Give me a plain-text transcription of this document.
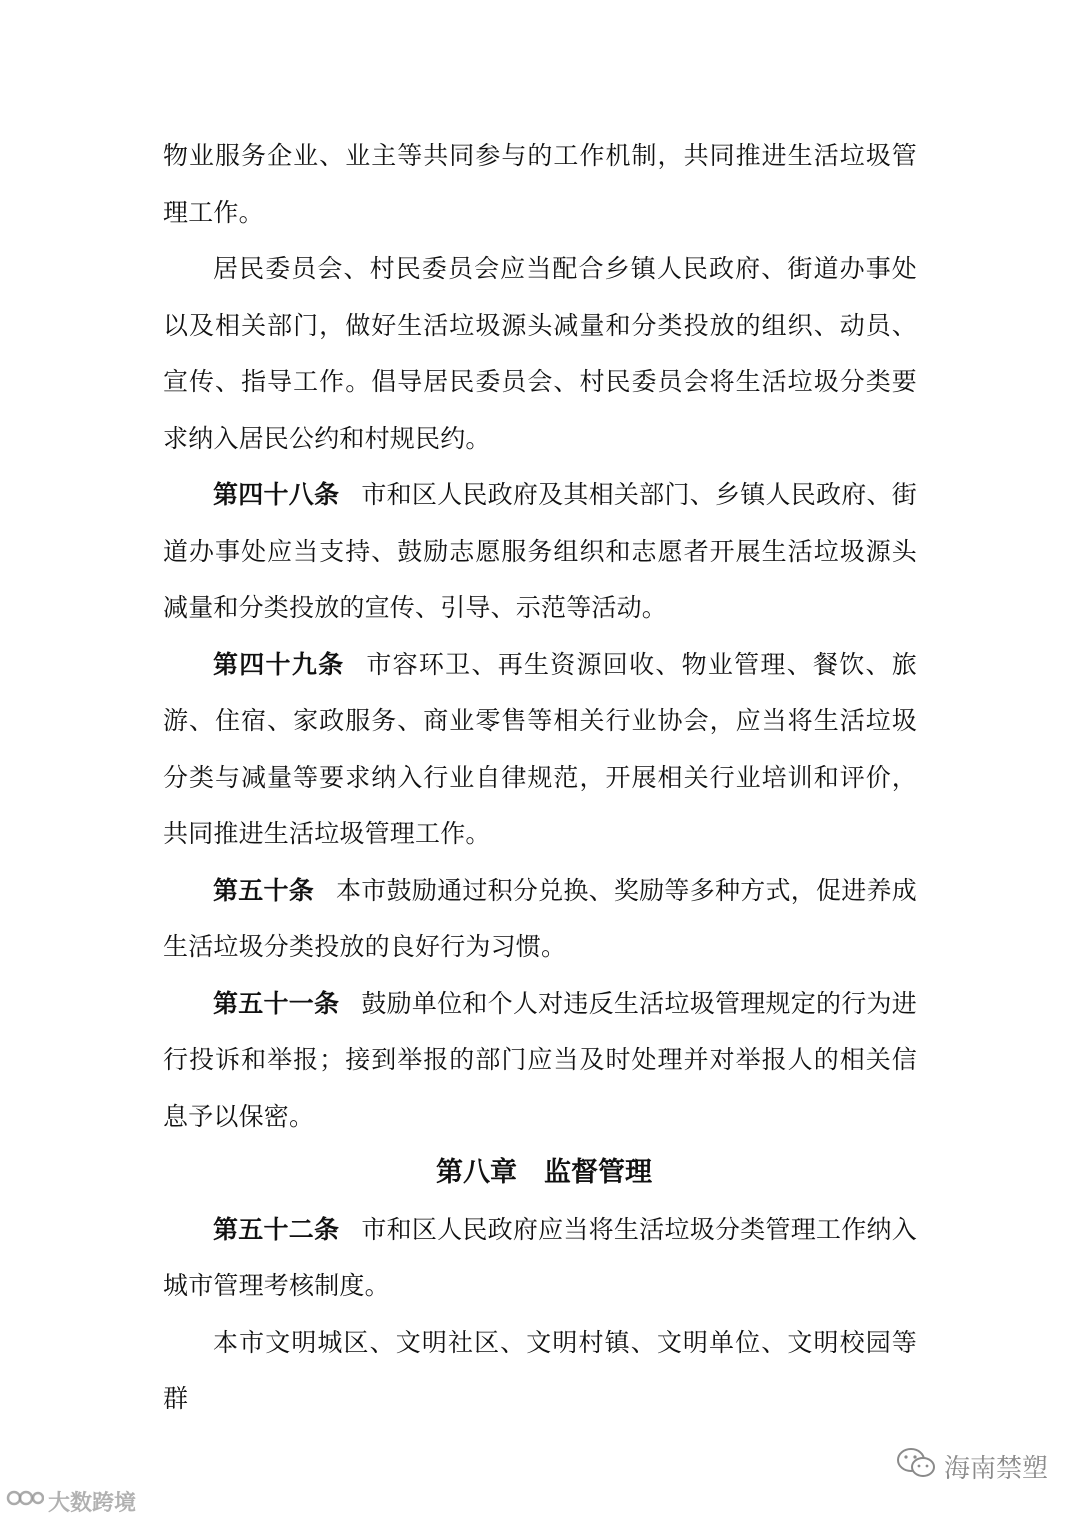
物业服务企业、业主等共同参与的工作机制，共同推进生活垃圾管理工作。

居民委员会、村民委员会应当配合乡镇人民政府、街道办事处以及相关部门，做好生活垃圾源头减量和分类投放的组织、动员、宣传、指导工作。倡导居民委员会、村民委员会将生活垃圾分类要求纳入居民公约和村规民约。

第四十八条 市和区人民政府及其相关部门、乡镇人民政府、街道办事处应当支持、鼓励志愿服务组织和志愿者开展生活垃圾源头减量和分类投放的宣传、引导、示范等活动。

第四十九条 市容环卫、再生资源回收、物业管理、餐饮、旅游、住宿、家政服务、商业零售等相关行业协会，应当将生活垃圾分类与减量等要求纳入行业自律规范，开展相关行业培训和评价，共同推进生活垃圾管理工作。

第五十条 本市鼓励通过积分兑换、奖励等多种方式，促进养成生活垃圾分类投放的良好行为习惯。

第五十一条 鼓励单位和个人对违反生活垃圾管理规定的行为进行投诉和举报；接到举报的部门应当及时处理并对举报人的相关信息予以保密。

第八章　监督管理

第五十二条 市和区人民政府应当将生活垃圾分类管理工作纳入城市管理考核制度。

本市文明城区、文明社区、文明村镇、文明单位、文明校园等群

大数跨境
海南禁塑
